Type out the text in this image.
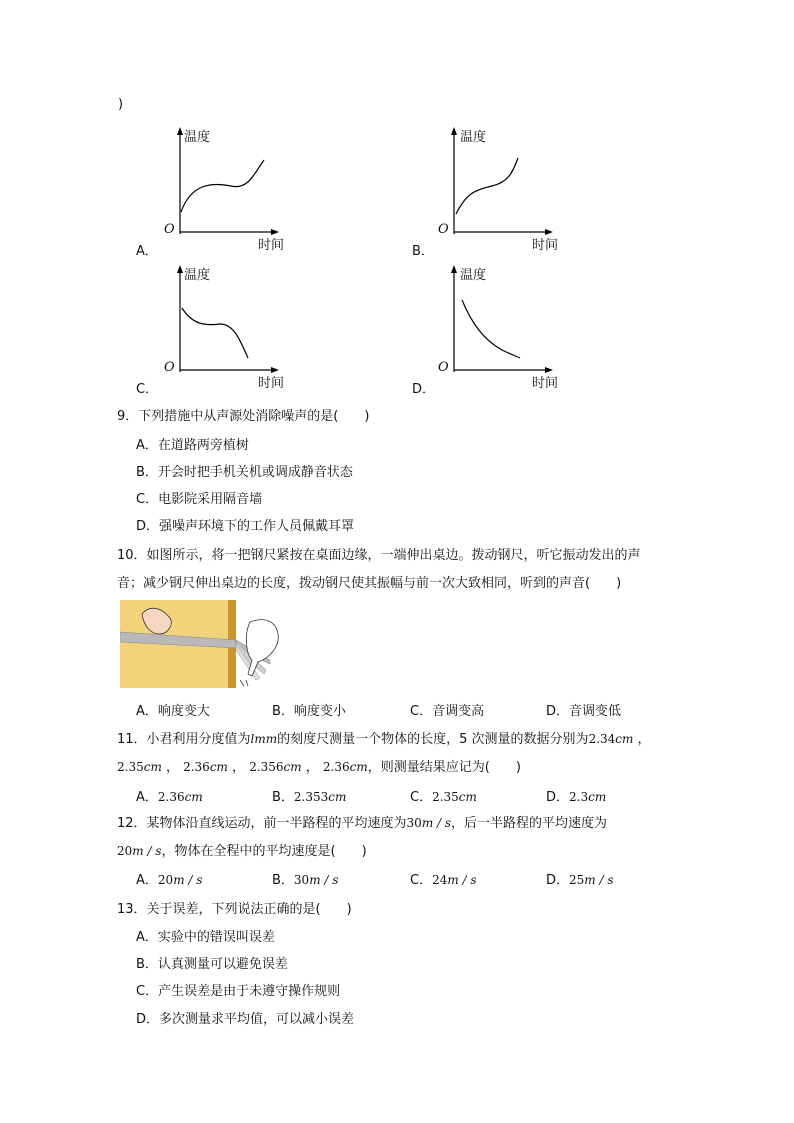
)
温度
O
时间
A．
温度
O
时间
B．
温度
O
时间
C．
温度
O
时间
D．
9．下列措施中从声源处消除噪声的是(　　)
A．在道路两旁植树
B．开会时把手机关机或调成静音状态
C．电影院采用隔音墙
D．强噪声环境下的工作人员佩戴耳罩
10．如图所示，将一把钢尺紧按在桌面边缘，一端伸出桌边。拨动钢尺，听它振动发出的声
音；减少钢尺伸出桌边的长度，拨动钢尺使其振幅与前一次大致相同，听到的声音(　　)
A．响度变大	B．响度变小	C．音调变高	D．音调变低
11．小君利用分度值为lmm的刻度尺测量一个物体的长度，5 次测量的数据分别为2.34cm ，
2.35cm ， 2.36cm ， 2.356cm ， 2.36cm，则测量结果应记为(　　)
A．2.36cm	B．2.353cm	C．2.35cm	D．2.3cm
12．某物体沿直线运动，前一半路程的平均速度为30m / s，后一半路程的平均速度为
20m / s，物体在全程中的平均速度是(　　)
A．20m / s	B．30m / s	C．24m / s	D．25m / s
13．关于误差，下列说法正确的是(　　)
A．实验中的错误叫误差
B．认真测量可以避免误差
C．产生误差是由于未遵守操作规则
D．多次测量求平均值，可以减小误差
